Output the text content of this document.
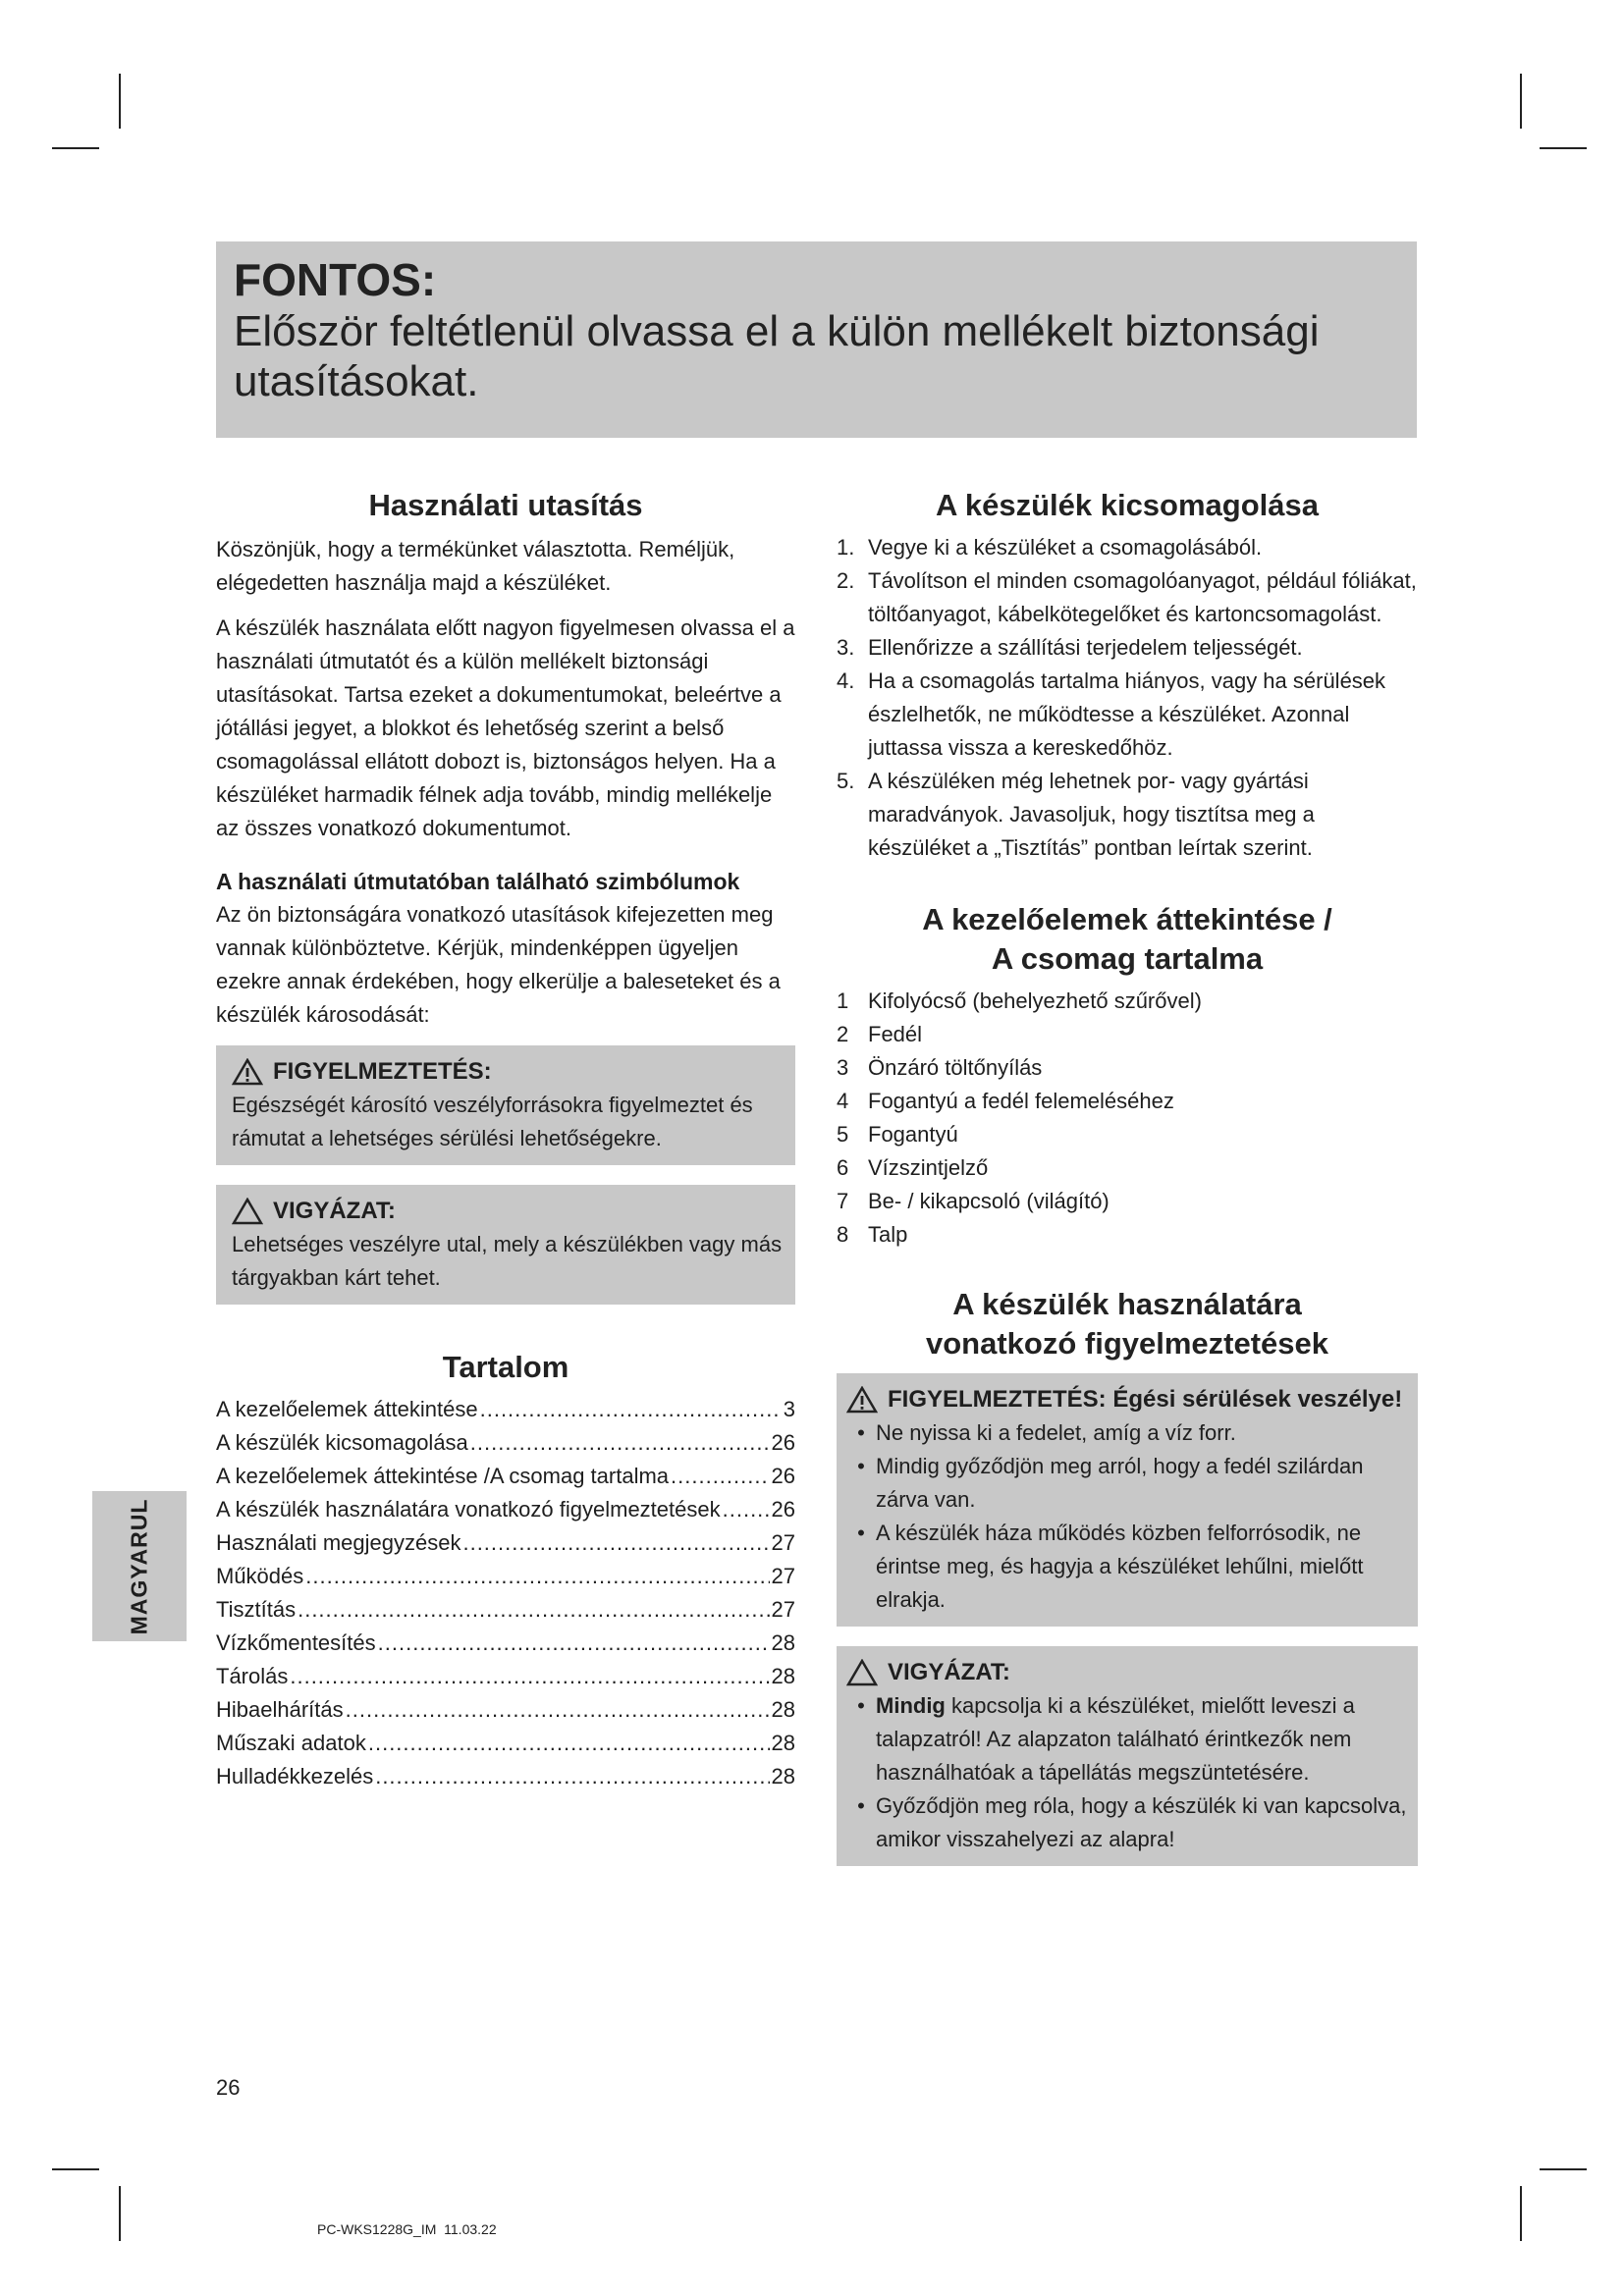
FONTOS:
Először feltétlenül olvassa el a külön mellékelt biztonsági utasításokat.
Használati utasítás

Köszönjük, hogy a termékünket választotta. Reméljük, elégedetten használja majd a készüléket.

A készülék használata előtt nagyon figyelmesen olvassa el a használati útmutatót és a külön mellékelt biztonsági utasításokat. Tartsa ezeket a dokumentumokat, beleértve a jótállási jegyet, a blokkot és lehetőség szerint a belső csomagolással ellátott dobozt is, biztonságos helyen. Ha a készüléket harmadik félnek adja tovább, mindig mellékelje az összes vonatkozó dokumentumot.

A használati útmutatóban található szimbólumok

Az ön biztonságára vonatkozó utasítások kifejezetten meg vannak különböztetve. Kérjük, mindenképpen ügyeljen ezekre annak érdekében, hogy elkerülje a baleseteket és a készülék károsodását:

FIGYELMEZTETÉS:
Egészségét károsító veszélyforrásokra figyelmeztet és rámutat a lehetséges sérülési lehetőségekre.
VIGYÁZAT:
Lehetséges veszélyre utal, mely a készülékben vagy más tárgyakban kárt tehet.
Tartalom
A kezelőelemek áttekintése .....	3
A készülék kicsomagolása .....	26
A kezelőelemek áttekintése /A csomag tartalma .....	26
A készülék használatára vonatkozó figyelmeztetések ..... 26
Használati megjegyzések .....	27
Működés .....	27
Tisztítás .....	27
Vízkőmentesítés .....	28
Tárolás .....	28
Hibaelhárítás .....	28
Műszaki adatok .....	28
Hulladékkezelés .....	28
A készülék kicsomagolása
1. Vegye ki a készüléket a csomagolásából.
2. Távolítson el minden csomagolóanyagot, például fóliákat, töltőanyagot, kábelkötegelőket és kartoncsomagolást.
3. Ellenőrizze a szállítási terjedelem teljességét.
4. Ha a csomagolás tartalma hiányos, vagy ha sérülések észlelhetők, ne működtesse a készüléket. Azonnal juttassa vissza a kereskedőhöz.
5. A készüléken még lehetnek por- vagy gyártási maradványok. Javasoljuk, hogy tisztítsa meg a készüléket a „Tisztítás” pontban leírtak szerint.
A kezelőelemek áttekintése /
A csomag tartalma
1 Kifolyócső (behelyezhető szűrővel)
2 Fedél
3 Önzáró töltőnyílás
4 Fogantyú a fedél felemeléséhez
5 Fogantyú
6 Vízszintjelző
7 Be- / kikapcsoló (világító)
8 Talp
A készülék használatára
vonatkozó figyelmeztetések
FIGYELMEZTETÉS: Égési sérülések veszélye!
• Ne nyissa ki a fedelet, amíg a víz forr.
• Mindig győződjön meg arról, hogy a fedél szilárdan zárva van.
• A készülék háza működés közben felforrósodik, ne érintse meg, és hagyja a készüléket lehűlni, mielőtt elrakja.
VIGYÁZAT:
• Mindig kapcsolja ki a készüléket, mielőtt leveszi a talapzatról! Az alapzaton található érintkezők nem használhatóak a tápellátás megszüntetésére.
• Győződjön meg róla, hogy a készülék ki van kapcsolva, amikor visszahelyezi az alapra!
MAGYARUL
26
PC-WKS1228G_IM  11.03.22
